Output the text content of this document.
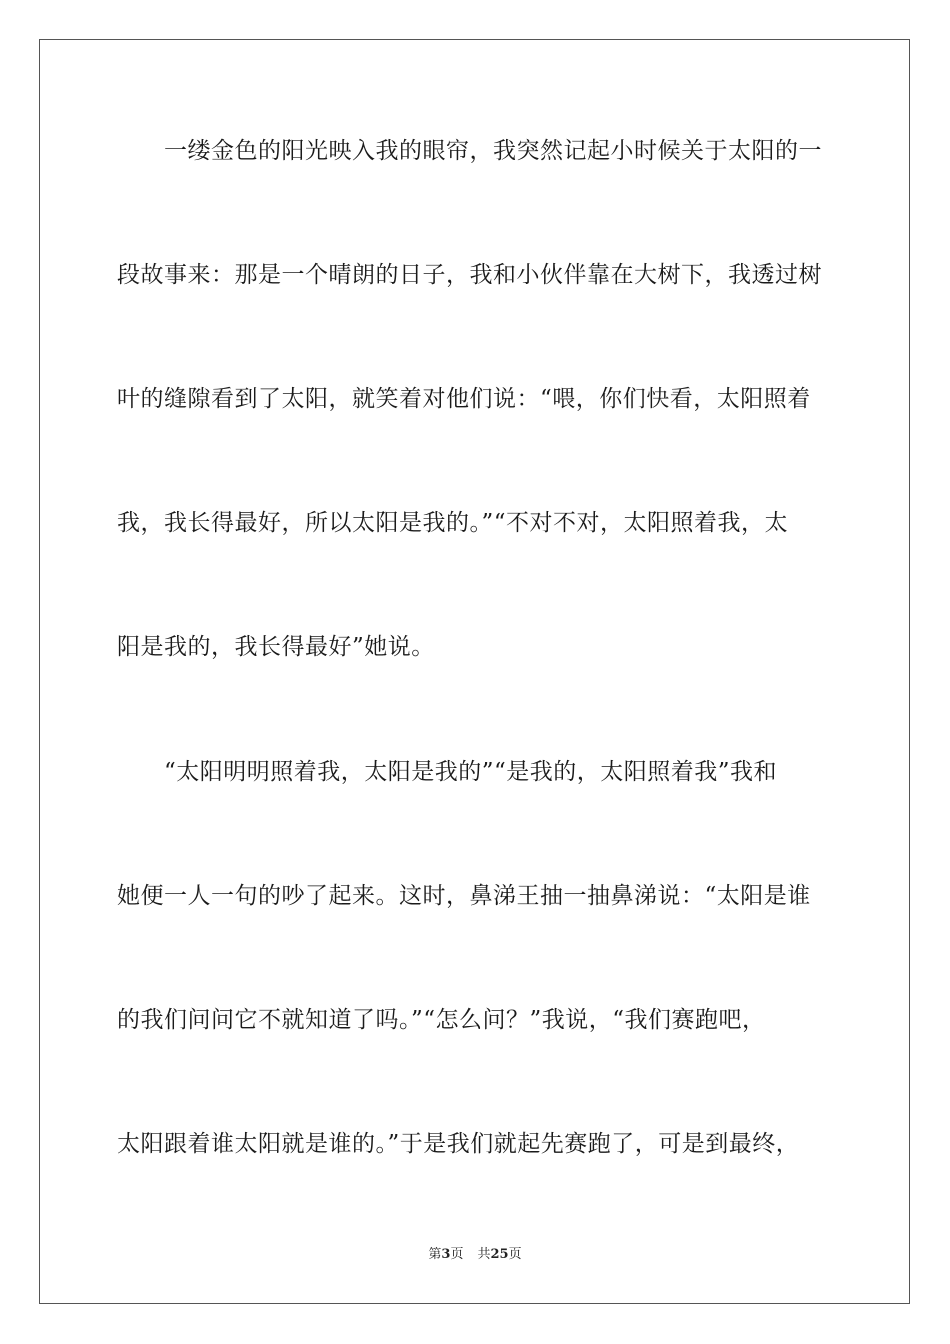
　　一缕金色的阳光映入我的眼帘，我突然记起小时候关于太阳的一
段故事来：那是一个晴朗的日子，我和小伙伴靠在大树下，我透过树
叶的缝隙看到了太阳，就笑着对他们说：“喂，你们快看，太阳照着
我，我长得最好，所以太阳是我的。”“不对不对，太阳照着我，太
阳是我的，我长得最好”她说。
　　“太阳明明照着我，太阳是我的”“是我的，太阳照着我”我和
她便一人一句的吵了起来。这时，鼻涕王抽一抽鼻涕说：“太阳是谁
的我们问问它不就知道了吗。”“怎么问？”我说，“我们赛跑吧，
太阳跟着谁太阳就是谁的。”于是我们就起先赛跑了，可是到最终，
第3页 共25页
